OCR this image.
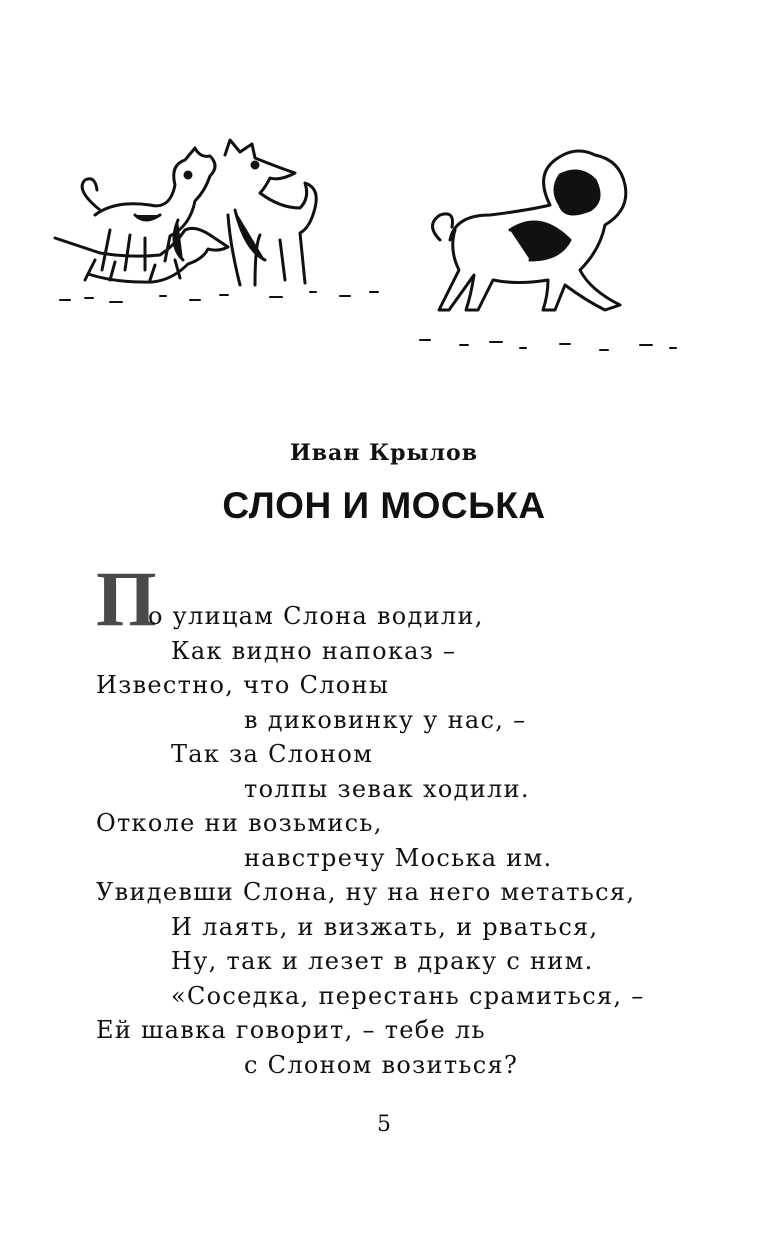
Иван Крылов
СЛОН И МОСЬКА
П
о улицам Слона водили,
Как видно напоказ –
Известно, что Слоны
в диковинку у нас, –
Так за Слоном
толпы зевак ходили.
Отколе ни возьмись,
навстречу Моська им.
Увидевши Слона, ну на него метаться,
И лаять, и визжать, и рваться,
Ну, так и лезет в драку с ним.
«Соседка, перестань срамиться, –
Ей шавка говорит, – тебе ль
с Слоном возиться?
5
